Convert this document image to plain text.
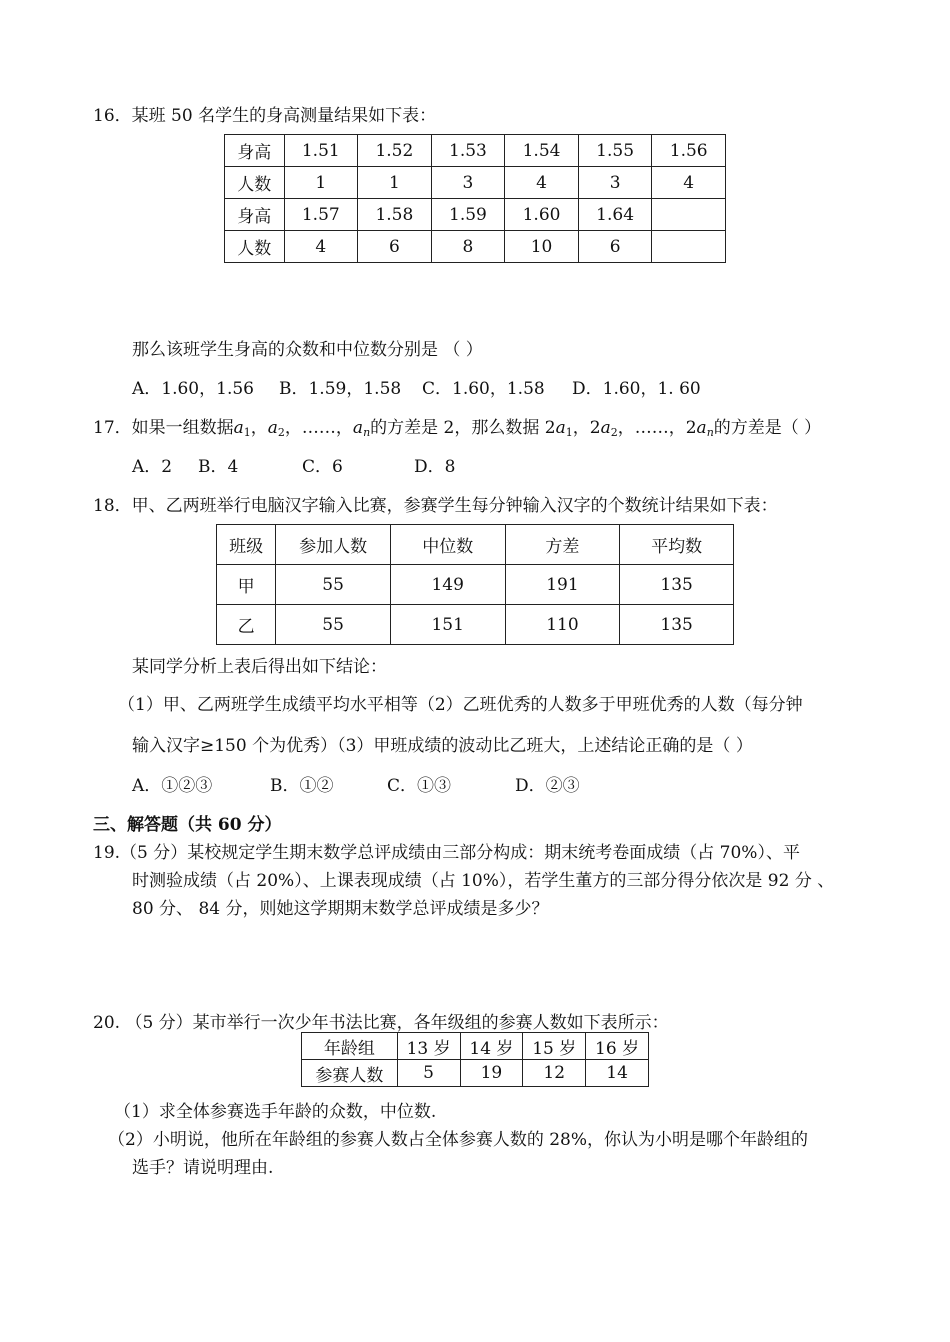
16．某班 50 名学生的身高测量结果如下表：
身高	1.51	1.52	1.53	1.54	1.55	1.56
人数	1	1	3	4	3	4
身高	1.57	1.58	1.59	1.60	1.64	
人数	4	6	8	10	6	
那么该班学生身高的众数和中位数分别是 （ ）
A．1.60，1.56 B．1.59，1.58 C．1.60，1.58 D．1.60，1. 60
17．如果一组数据$a_1$，$a_2$，……，$a_n$的方差是 2，那么数据 $2a_1$，$2a_2$，……，$2a_n$的方差是（ ）
A．2 B．4	C．6	D．8
18．甲、乙两班举行电脑汉字输入比赛，参赛学生每分钟输入汉字的个数统计结果如下表：
班级	参加人数	中位数	方差	平均数
甲	55	149	191	135
乙	55	151	110	135
某同学分析上表后得出如下结论：
（1）甲、乙两班学生成绩平均水平相等（2）乙班优秀的人数多于甲班优秀的人数（每分钟
输入汉字≥150 个为优秀）（3）甲班成绩的波动比乙班大，上述结论正确的是（ ）
A．①②③	B．①②	C．①③	D．②③
三、解答题（共 60 分）
19.（5 分）某校规定学生期末数学总评成绩由三部分构成：期末统考卷面成绩（占 70%）、平
时测验成绩（占 20%）、上课表现成绩（占 10%），若学生董方的三部分得分依次是 92 分 、
80 分、 84 分，则她这学期期末数学总评成绩是多少？
20. （5 分）某市举行一次少年书法比赛，各年级组的参赛人数如下表所示：
年龄组	13 岁	14 岁	15 岁	16 岁
参赛人数	5	19	12	14
（1）求全体参赛选手年龄的众数，中位数.
（2）小明说，他所在年龄组的参赛人数占全体参赛人数的 28%，你认为小明是哪个年龄组的
选手？请说明理由.
